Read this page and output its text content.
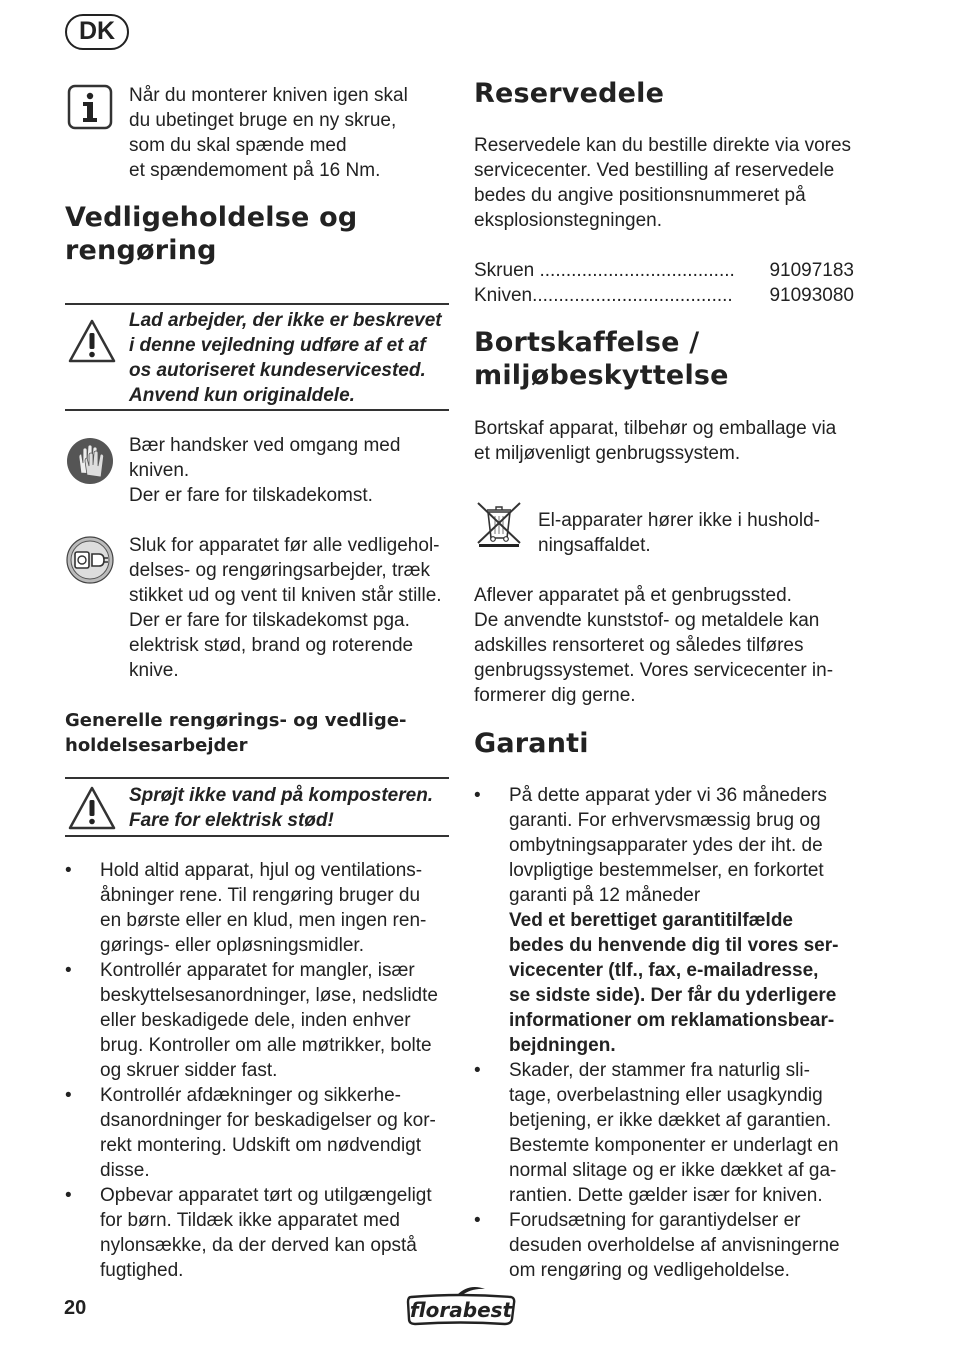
DK
Når du monterer kniven igen skal
du ubetinget bruge en ny skrue,
som du skal spænde med
et spændemoment på 16 Nm.
Vedligeholdelse og
rengøring
Lad arbejder, der ikke er beskrevet
i denne vejledning udføre af et af
os autoriseret kundeservicested.
Anvend kun originaldele.
Bær handsker ved omgang med
kniven.
Der er fare for tilskadekomst.
Sluk for apparatet før alle vedligehol-
delses- og rengøringsarbejder, træk
stikket ud og vent til kniven står stille.
Der er fare for tilskadekomst pga.
elektrisk stød, brand og roterende
knive.
Generelle rengørings- og vedlige-
holdelsesarbejder
Sprøjt ikke vand på komposteren.
Fare for elektrisk stød!
• Hold altid apparat, hjul og ventilations-
åbninger rene. Til rengøring bruger du
en børste eller en klud, men ingen ren-
gørings- eller opløsningsmidler.
• Kontrollér apparatet for mangler, især
beskyttelsesanordninger, løse, nedslidte
eller beskadigede dele, inden enhver
brug. Kontroller om alle møtrikker, bolte
og skruer sidder fast.
• Kontrollér afdækninger og sikkerhe-
dsanordninger for beskadigelser og kor-
rekt montering. Udskift om nødvendigt
disse.
• Opbevar apparatet tørt og utilgængeligt
for børn. Tildæk ikke apparatet med
nylonsække, da der derved kan opstå
fugtighed.
Reservedele
Reservedele kan du bestille direkte via vores
servicecenter. Ved bestilling af reservedele
bedes du angive positionsnummeret på
eksplosionstegningen.
Skruen ..................................... 91097183
Kniven...................................... 91093080
Bortskaffelse /
miljøbeskyttelse
Bortskaf apparat, tilbehør og emballage via
et miljøvenligt genbrugssystem.
El-apparater hører ikke i hushold-
ningsaffaldet.
Aflever apparatet på et genbrugssted.
De anvendte kunststof- og metaldele kan
adskilles rensorteret og således tilføres
genbrugssystemet. Vores servicecenter in-
formerer dig gerne.
Garanti
• På dette apparat yder vi 36 måneders
garanti. For erhvervsmæssig brug og
ombytningsapparater ydes der iht. de
lovpligtige bestemmelser, en forkortet
garanti på 12 måneder
Ved et berettiget garantitilfælde
bedes du henvende dig til vores ser-
vicecenter (tlf., fax, e-mailadresse,
se sidste side). Der får du yderligere
informationer om reklamationsbear-
bejdningen.
• Skader, der stammer fra naturlig sli-
tage, overbelastning eller usagkyndig
betjening, er ikke dækket af garantien.
Bestemte komponenter er underlagt en
normal slitage og er ikke dækket af ga-
rantien. Dette gælder især for kniven.
• Forudsætning for garantiydelser er
desuden overholdelse af anvisningerne
om rengøring og vedligeholdelse.
20	florabest
